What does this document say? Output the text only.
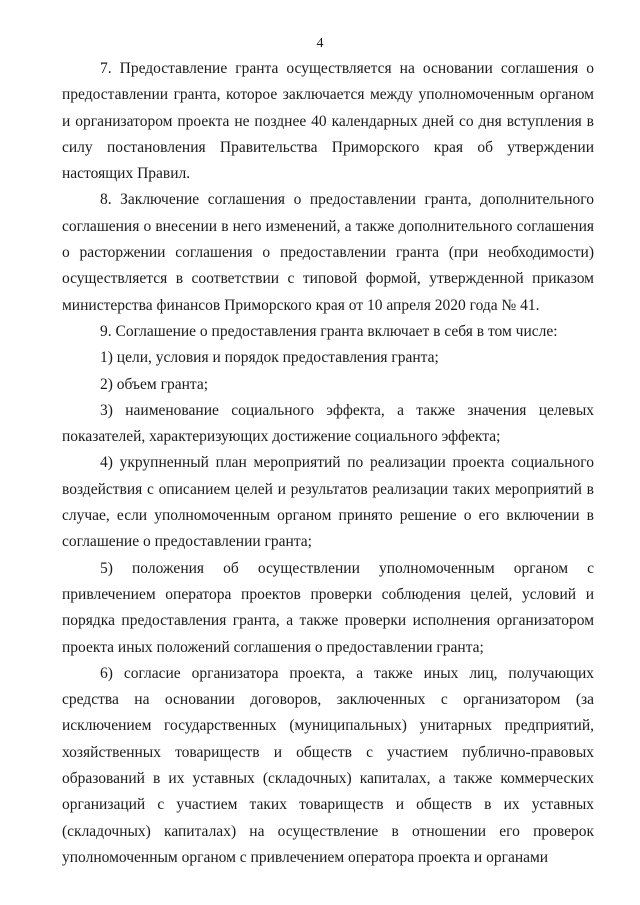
4

7. Предоставление гранта осуществляется на основании соглашения о предоставлении гранта, которое заключается между уполномоченным органом и организатором проекта не позднее 40 календарных дней со дня вступления в силу постановления Правительства Приморского края об утверждении настоящих Правил.

8. Заключение соглашения о предоставлении гранта, дополнительного соглашения о внесении в него изменений, а также дополнительного соглашения о расторжении соглашения о предоставлении гранта (при необходимости) осуществляется в соответствии с типовой формой, утвержденной приказом министерства финансов Приморского края от 10 апреля 2020 года № 41.

9. Соглашение о предоставления гранта включает в себя в том числе:

1) цели, условия и порядок предоставления гранта;

2) объем гранта;

3) наименование социального эффекта, а также значения целевых показателей, характеризующих достижение социального эффекта;

4) укрупненный план мероприятий по реализации проекта социального воздействия с описанием целей и результатов реализации таких мероприятий в случае, если уполномоченным органом принято решение о его включении в соглашение о предоставлении гранта;

5) положения об осуществлении уполномоченным органом с привлечением оператора проектов проверки соблюдения целей, условий и порядка предоставления гранта, а также проверки исполнения организатором проекта иных положений соглашения о предоставлении гранта;

6) согласие организатора проекта, а также иных лиц, получающих средства на основании договоров, заключенных с организатором (за исключением государственных (муниципальных) унитарных предприятий, хозяйственных товариществ и обществ с участием публично-правовых образований в их уставных (складочных) капиталах, а также коммерческих организаций с участием таких товариществ и обществ в их уставных (складочных) капиталах) на осуществление в отношении его проверок уполномоченным органом с привлечением оператора проекта и органами
